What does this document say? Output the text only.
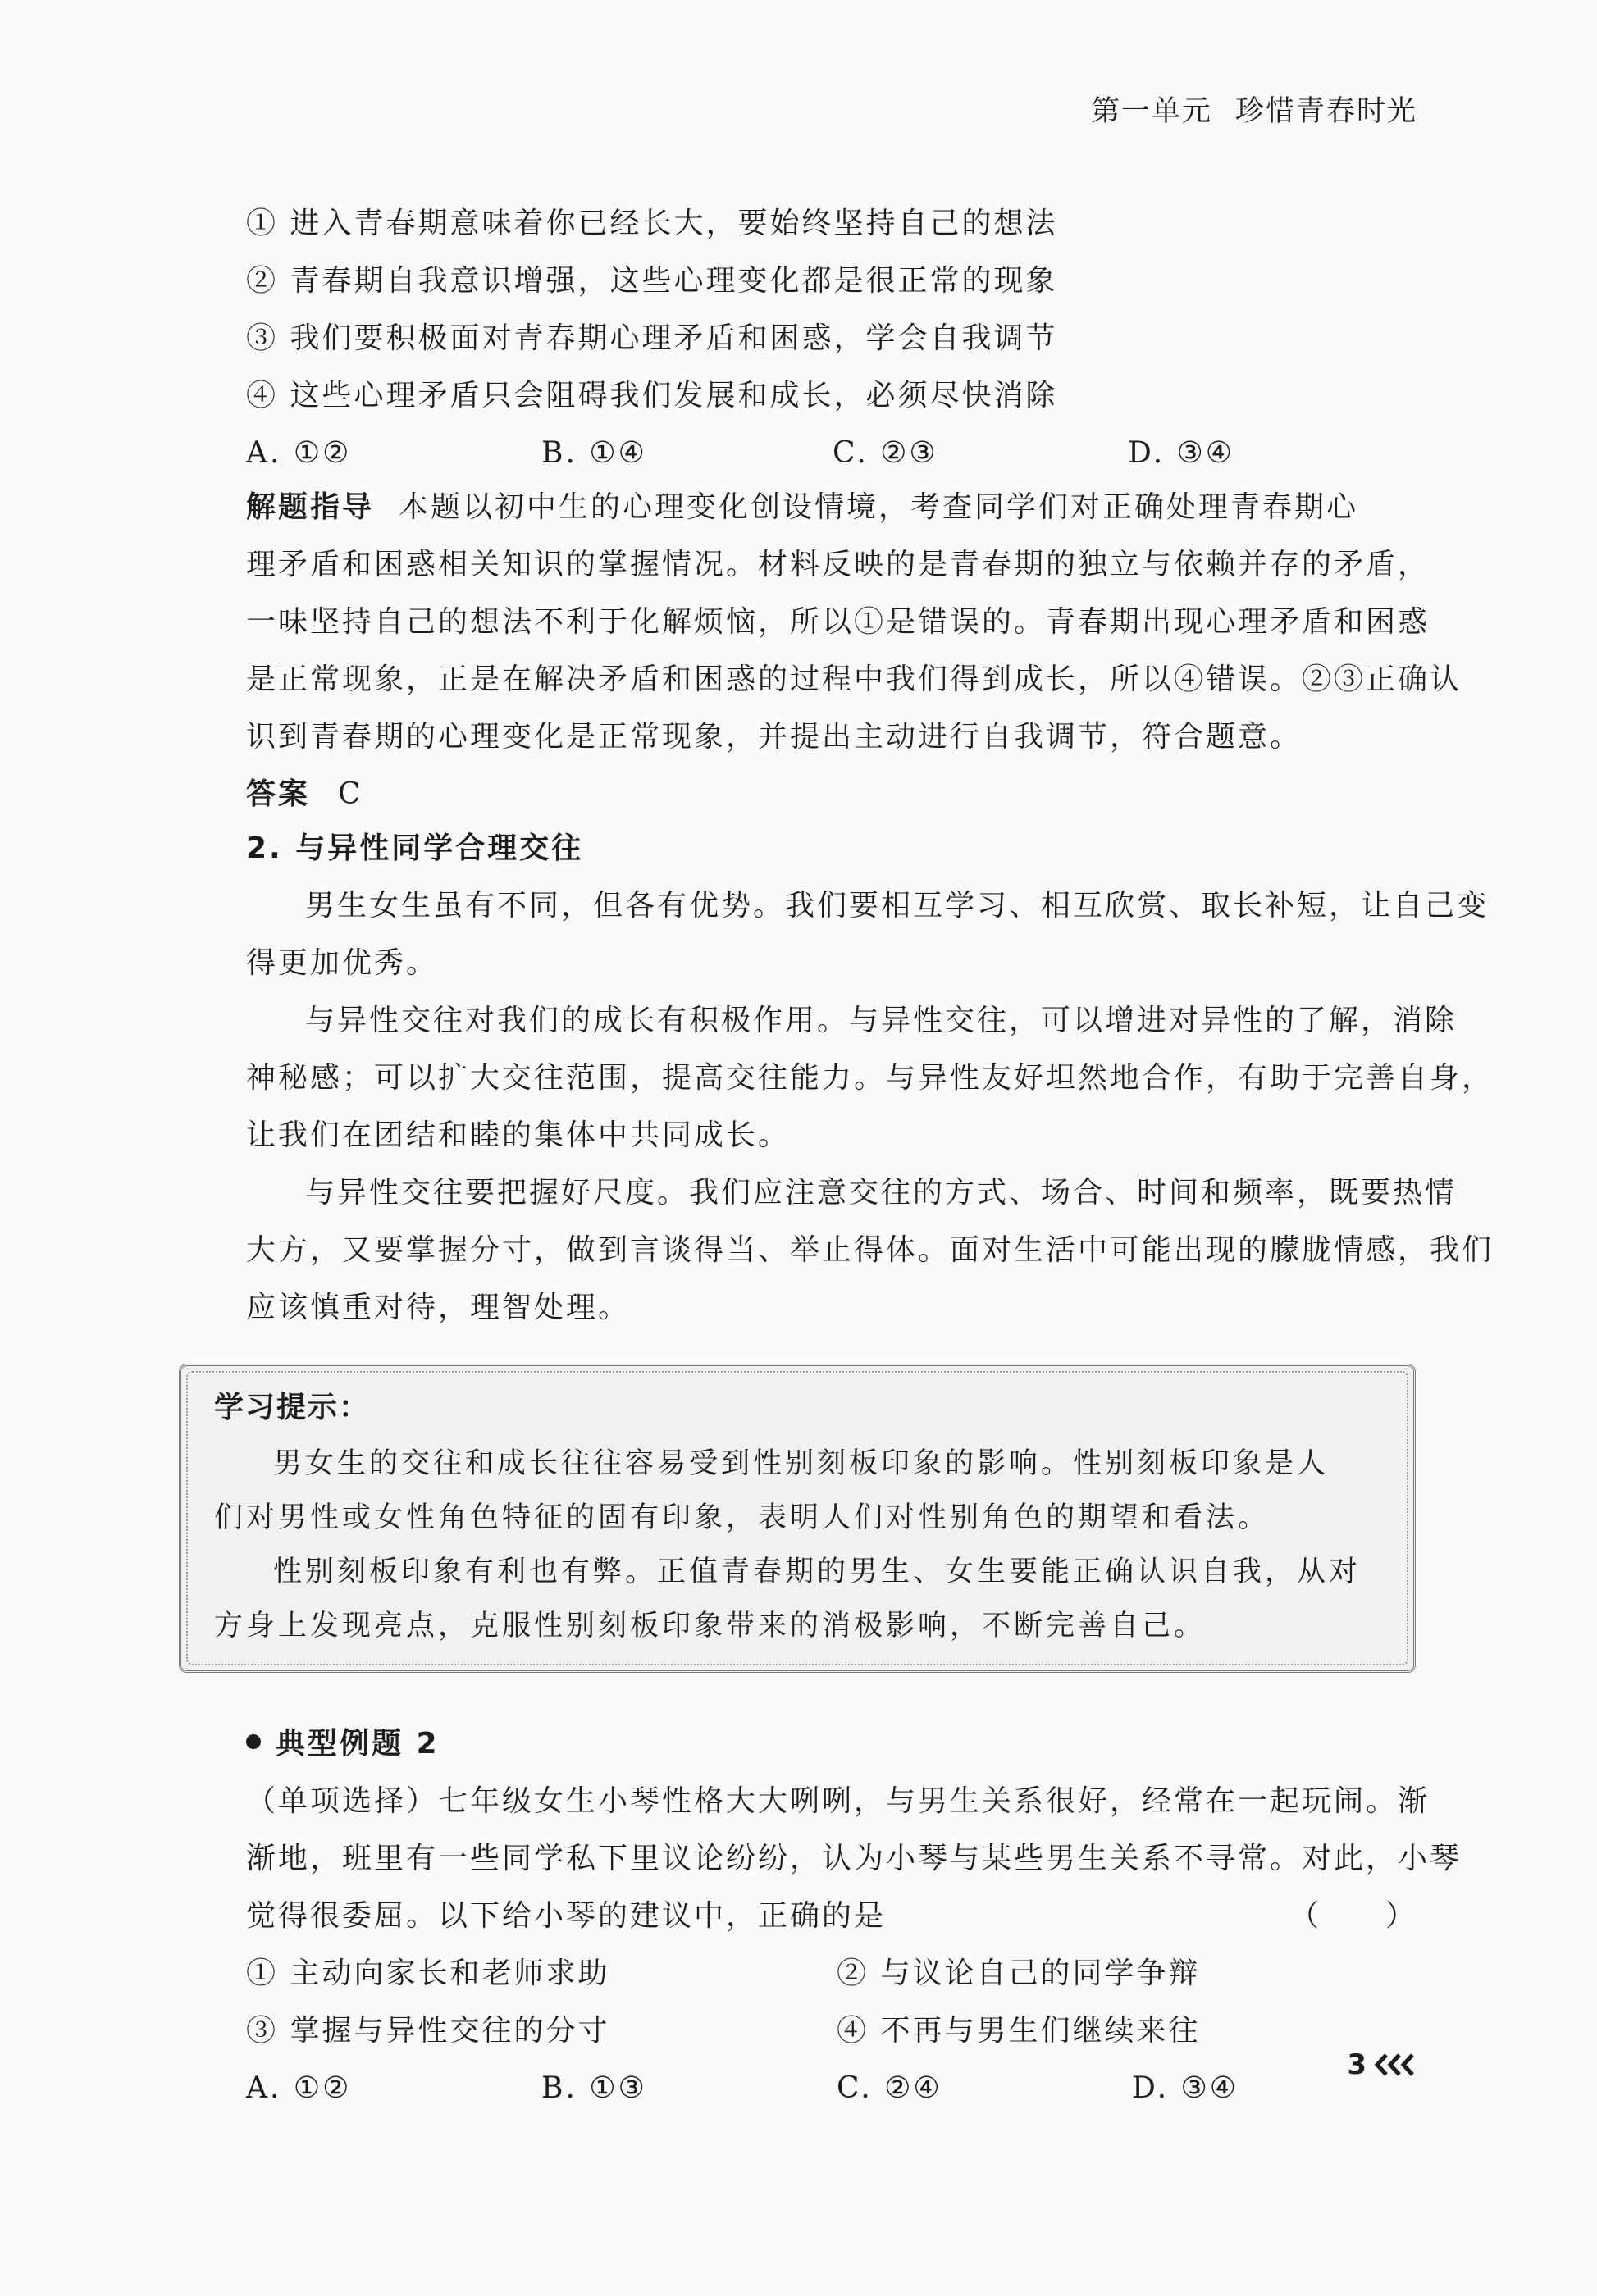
第一单元 珍惜青春时光
① 进入青春期意味着你已经长大，要始终坚持自己的想法
② 青春期自我意识增强，这些心理变化都是很正常的现象
③ 我们要积极面对青春期心理矛盾和困惑，学会自我调节
④ 这些心理矛盾只会阻碍我们发展和成长，必须尽快消除
A. ①②	B. ①④	C. ②③	D. ③④
解题指导 本题以初中生的心理变化创设情境，考查同学们对正确处理青春期心
理矛盾和困惑相关知识的掌握情况。材料反映的是青春期的独立与依赖并存的矛盾，
一味坚持自己的想法不利于化解烦恼，所以①是错误的。青春期出现心理矛盾和困惑
是正常现象，正是在解决矛盾和困惑的过程中我们得到成长，所以④错误。②③正确认
识到青春期的心理变化是正常现象，并提出主动进行自我调节，符合题意。
答案 C
2. 与异性同学合理交往
男生女生虽有不同，但各有优势。我们要相互学习、相互欣赏、取长补短，让自己变
得更加优秀。
与异性交往对我们的成长有积极作用。与异性交往，可以增进对异性的了解，消除
神秘感；可以扩大交往范围，提高交往能力。与异性友好坦然地合作，有助于完善自身，
让我们在团结和睦的集体中共同成长。
与异性交往要把握好尺度。我们应注意交往的方式、场合、时间和频率，既要热情
大方，又要掌握分寸，做到言谈得当、举止得体。面对生活中可能出现的朦胧情感，我们
应该慎重对待，理智处理。
学习提示：
男女生的交往和成长往往容易受到性别刻板印象的影响。性别刻板印象是人
们对男性或女性角色特征的固有印象，表明人们对性别角色的期望和看法。
性别刻板印象有利也有弊。正值青春期的男生、女生要能正确认识自我，从对
方身上发现亮点，克服性别刻板印象带来的消极影响，不断完善自己。
典型例题 2
（单项选择）七年级女生小琴性格大大咧咧，与男生关系很好，经常在一起玩闹。渐
渐地，班里有一些同学私下里议论纷纷，认为小琴与某些男生关系不寻常。对此，小琴
觉得很委屈。以下给小琴的建议中，正确的是	（　　）
① 主动向家长和老师求助	② 与议论自己的同学争辩
③ 掌握与异性交往的分寸	④ 不再与男生们继续来往
A. ①②	B. ①③	C. ②④	D. ③④
3
